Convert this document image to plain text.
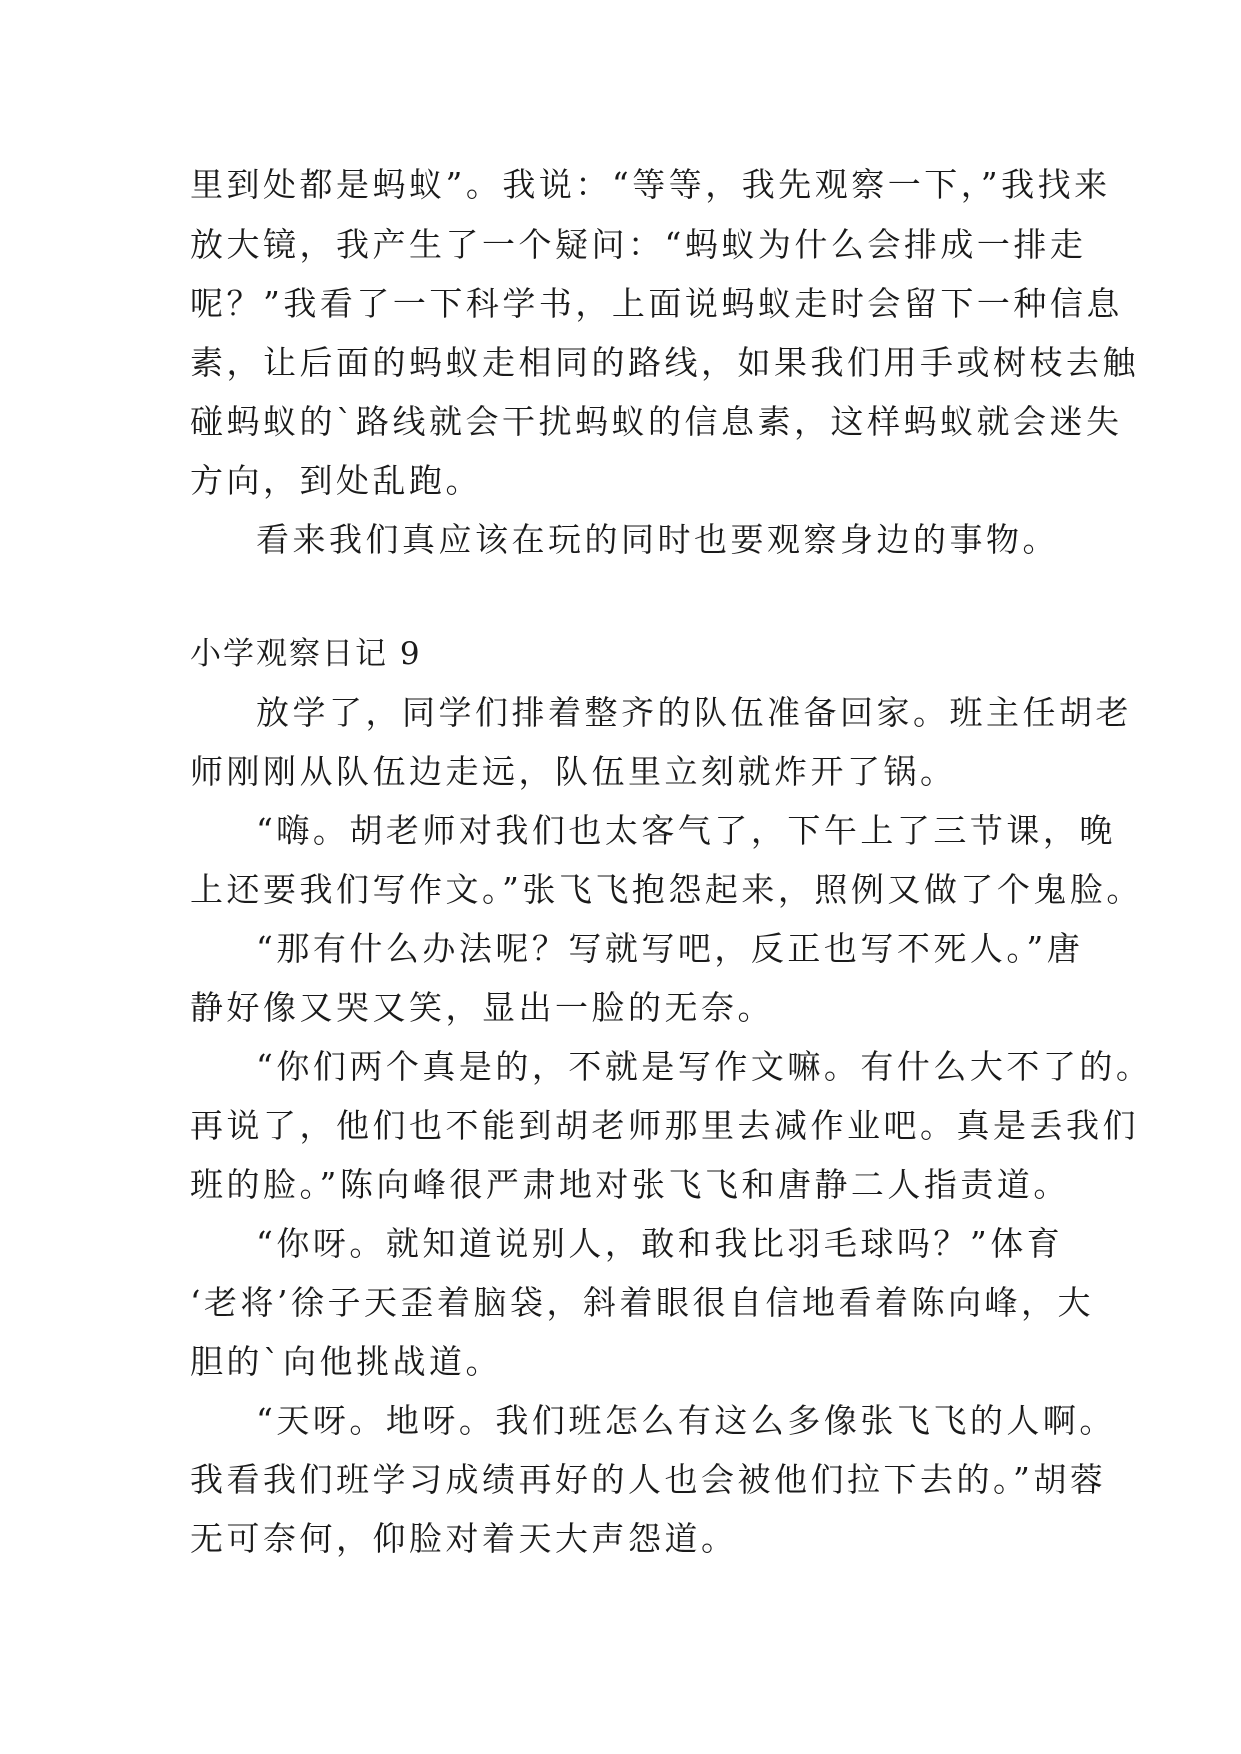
里到处都是蚂蚁”。我说：“等等，我先观察一下，”我找来
放大镜，我产生了一个疑问：“蚂蚁为什么会排成一排走
呢？”我看了一下科学书，上面说蚂蚁走时会留下一种信息
素，让后面的蚂蚁走相同的路线，如果我们用手或树枝去触
碰蚂蚁的`路线就会干扰蚂蚁的信息素，这样蚂蚁就会迷失
方向，到处乱跑。
看来我们真应该在玩的同时也要观察身边的事物。
小学观察日记 9
放学了，同学们排着整齐的队伍准备回家。班主任胡老
师刚刚从队伍边走远，队伍里立刻就炸开了锅。
“嗨。胡老师对我们也太客气了，下午上了三节课，晚
上还要我们写作文。”张飞飞抱怨起来，照例又做了个鬼脸。
“那有什么办法呢？写就写吧，反正也写不死人。”唐
静好像又哭又笑，显出一脸的无奈。
“你们两个真是的，不就是写作文嘛。有什么大不了的。
再说了，他们也不能到胡老师那里去减作业吧。真是丢我们
班的脸。”陈向峰很严肃地对张飞飞和唐静二人指责道。
“你呀。就知道说别人，敢和我比羽毛球吗？”体育
‘老将’徐子天歪着脑袋，斜着眼很自信地看着陈向峰，大
胆的`向他挑战道。
“天呀。地呀。我们班怎么有这么多像张飞飞的人啊。
我看我们班学习成绩再好的人也会被他们拉下去的。”胡蓉
无可奈何，仰脸对着天大声怨道。
